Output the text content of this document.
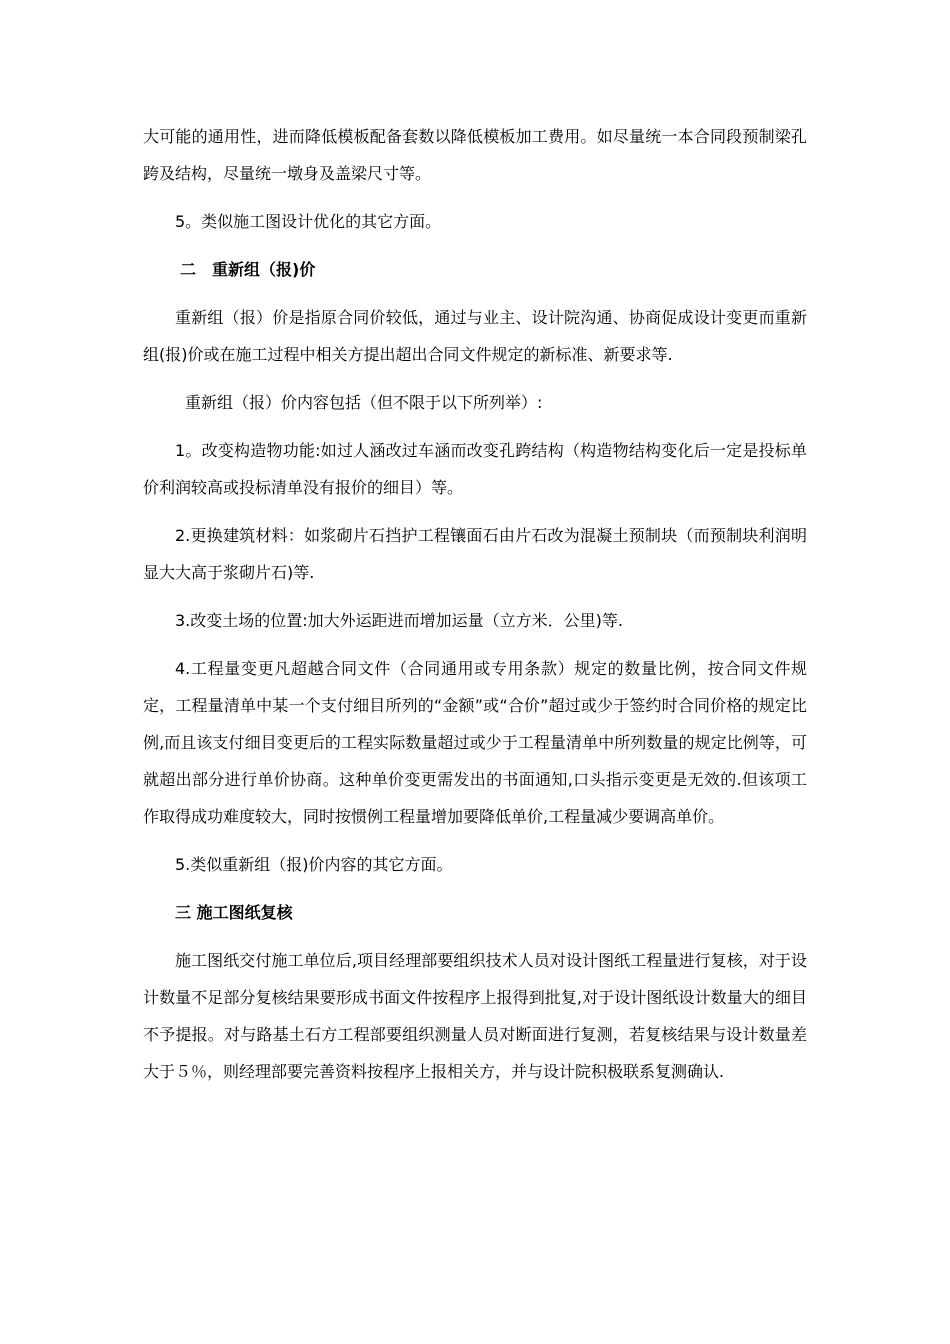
大可能的通用性，进而降低模板配备套数以降低模板加工费用。如尽量统一本合同段预制梁孔跨及结构，尽量统一墩身及盖梁尺寸等。

5。类似施工图设计优化的其它方面。

二　重新组（报)价

重新组（报）价是指原合同价较低，通过与业主、设计院沟通、协商促成设计变更而重新组(报)价或在施工过程中相关方提出超出合同文件规定的新标准、新要求等.

重新组（报）价内容包括（但不限于以下所列举）:

1。改变构造物功能:如过人涵改过车涵而改变孔跨结构（构造物结构变化后一定是投标单价利润较高或投标清单没有报价的细目）等。

2.更换建筑材料：如浆砌片石挡护工程镶面石由片石改为混凝土预制块（而预制块利润明显大大高于浆砌片石)等.

3.改变土场的位置:加大外运距进而增加运量（立方米．公里)等.

4.工程量变更凡超越合同文件（合同通用或专用条款）规定的数量比例，按合同文件规定，工程量清单中某一个支付细目所列的“金额”或“合价”超过或少于签约时合同价格的规定比例,而且该支付细目变更后的工程实际数量超过或少于工程量清单中所列数量的规定比例等，可就超出部分进行单价协商。这种单价变更需发出的书面通知,口头指示变更是无效的.但该项工作取得成功难度较大，同时按惯例工程量增加要降低单价,工程量减少要调高单价。

5.类似重新组（报)价内容的其它方面。

三 施工图纸复核

施工图纸交付施工单位后,项目经理部要组织技术人员对设计图纸工程量进行复核，对于设计数量不足部分复核结果要形成书面文件按程序上报得到批复,对于设计图纸设计数量大的细目不予提报。对与路基土石方工程部要组织测量人员对断面进行复测，若复核结果与设计数量差大于５％，则经理部要完善资料按程序上报相关方，并与设计院积极联系复测确认.
